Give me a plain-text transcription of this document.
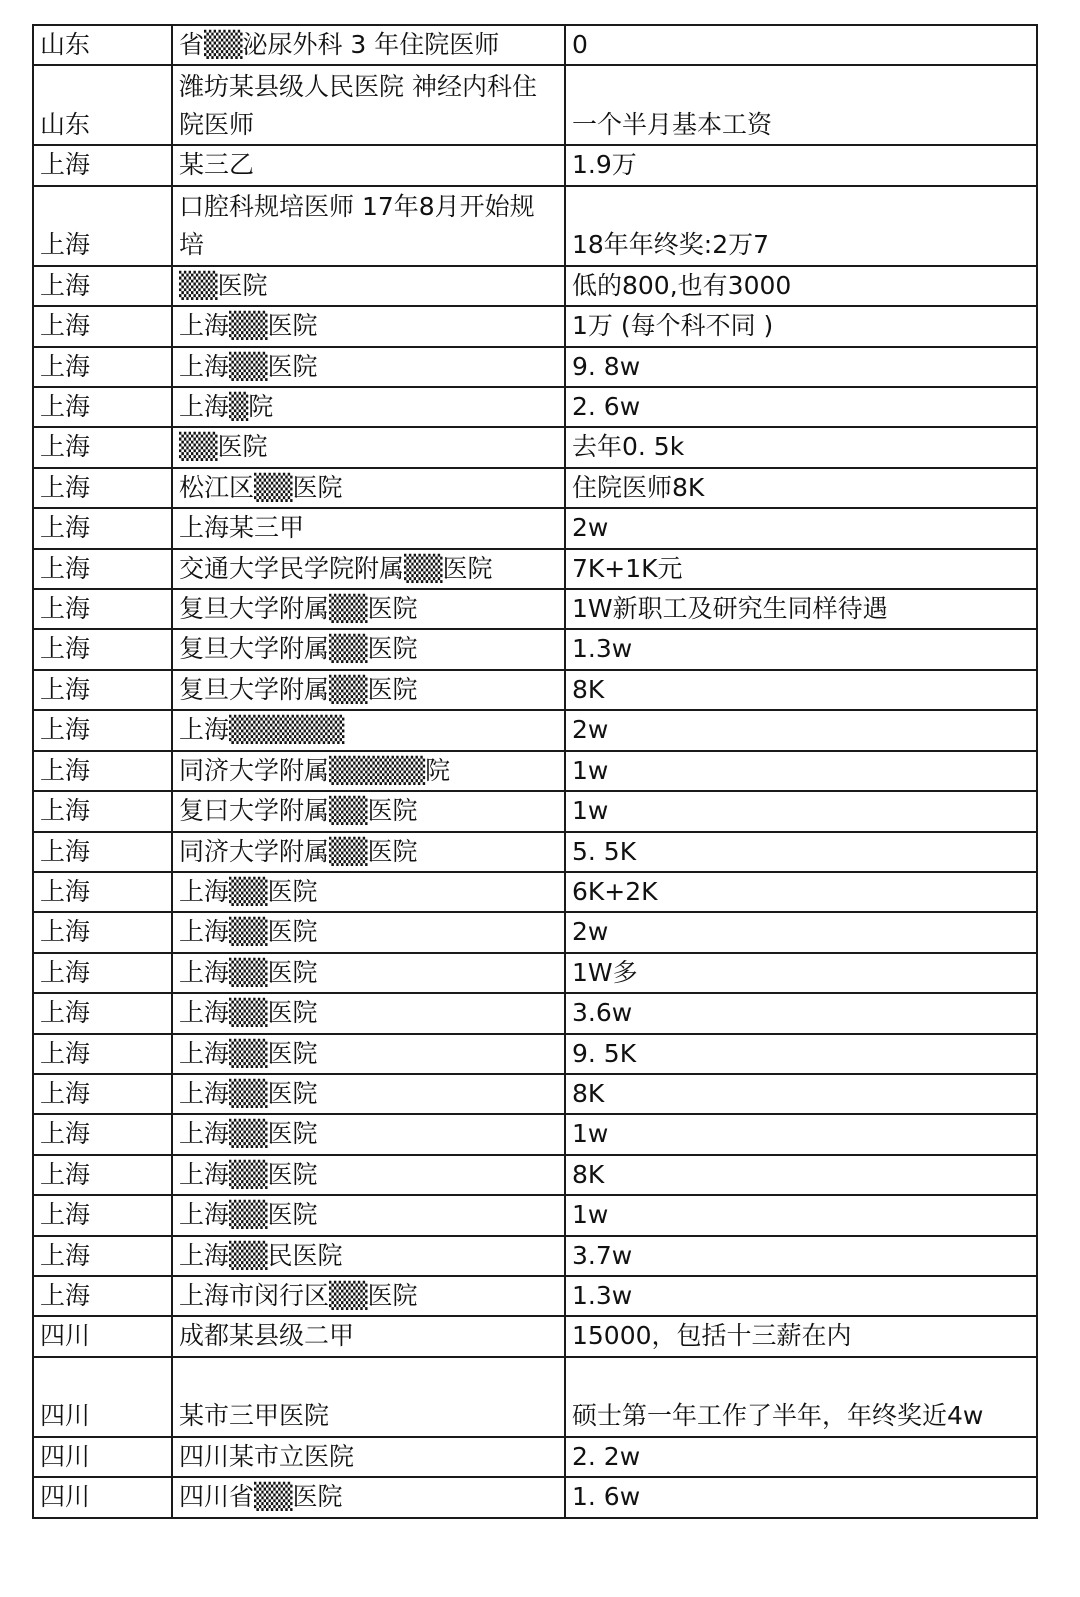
山东	省▒▒泌尿外科 3 年住院医师	0
山东	潍坊某县级人民医院 神经内科住院医师	一个半月基本工资
上海	某三乙	1.9万
上海	口腔科规培医师 17年8月开始规培	18年年终奖:2万7
上海	▒▒医院	低的800,也有3000
上海	上海▒▒医院	1万 (每个科不同 )
上海	上海▒▒医院	9. 8w
上海	上海▒院	2. 6w
上海	▒▒医院	去年0. 5k
上海	松江区▒▒医院	住院医师8K
上海	上海某三甲	2w
上海	交通大学民学院附属▒▒医院	7K+1K元
上海	复旦大学附属▒▒医院	1W新职工及研究生同样待遇
上海	复旦大学附属▒▒医院	1.3w
上海	复旦大学附属▒▒医院	8K
上海	上海▒▒▒▒▒▒	2w
上海	同济大学附属▒▒▒▒▒院	1w
上海	复曰大学附属▒▒医院	1w
上海	同济大学附属▒▒医院	5. 5K
上海	上海▒▒医院	6K+2K
上海	上海▒▒医院	2w
上海	上海▒▒医院	1W多
上海	上海▒▒医院	3.6w
上海	上海▒▒医院	9. 5K
上海	上海▒▒医院	8K
上海	上海▒▒医院	1w
上海	上海▒▒医院	8K
上海	上海▒▒医院	1w
上海	上海▒▒民医院	3.7w
上海	上海市闵行区▒▒医院	1.3w
四川	成都某县级二甲	15000，包括十三薪在内
四川	某市三甲医院	硕士第一年工作了半年，年终奖近4w
四川	四川某市立医院	2. 2w
四川	四川省▒▒医院	1. 6w
